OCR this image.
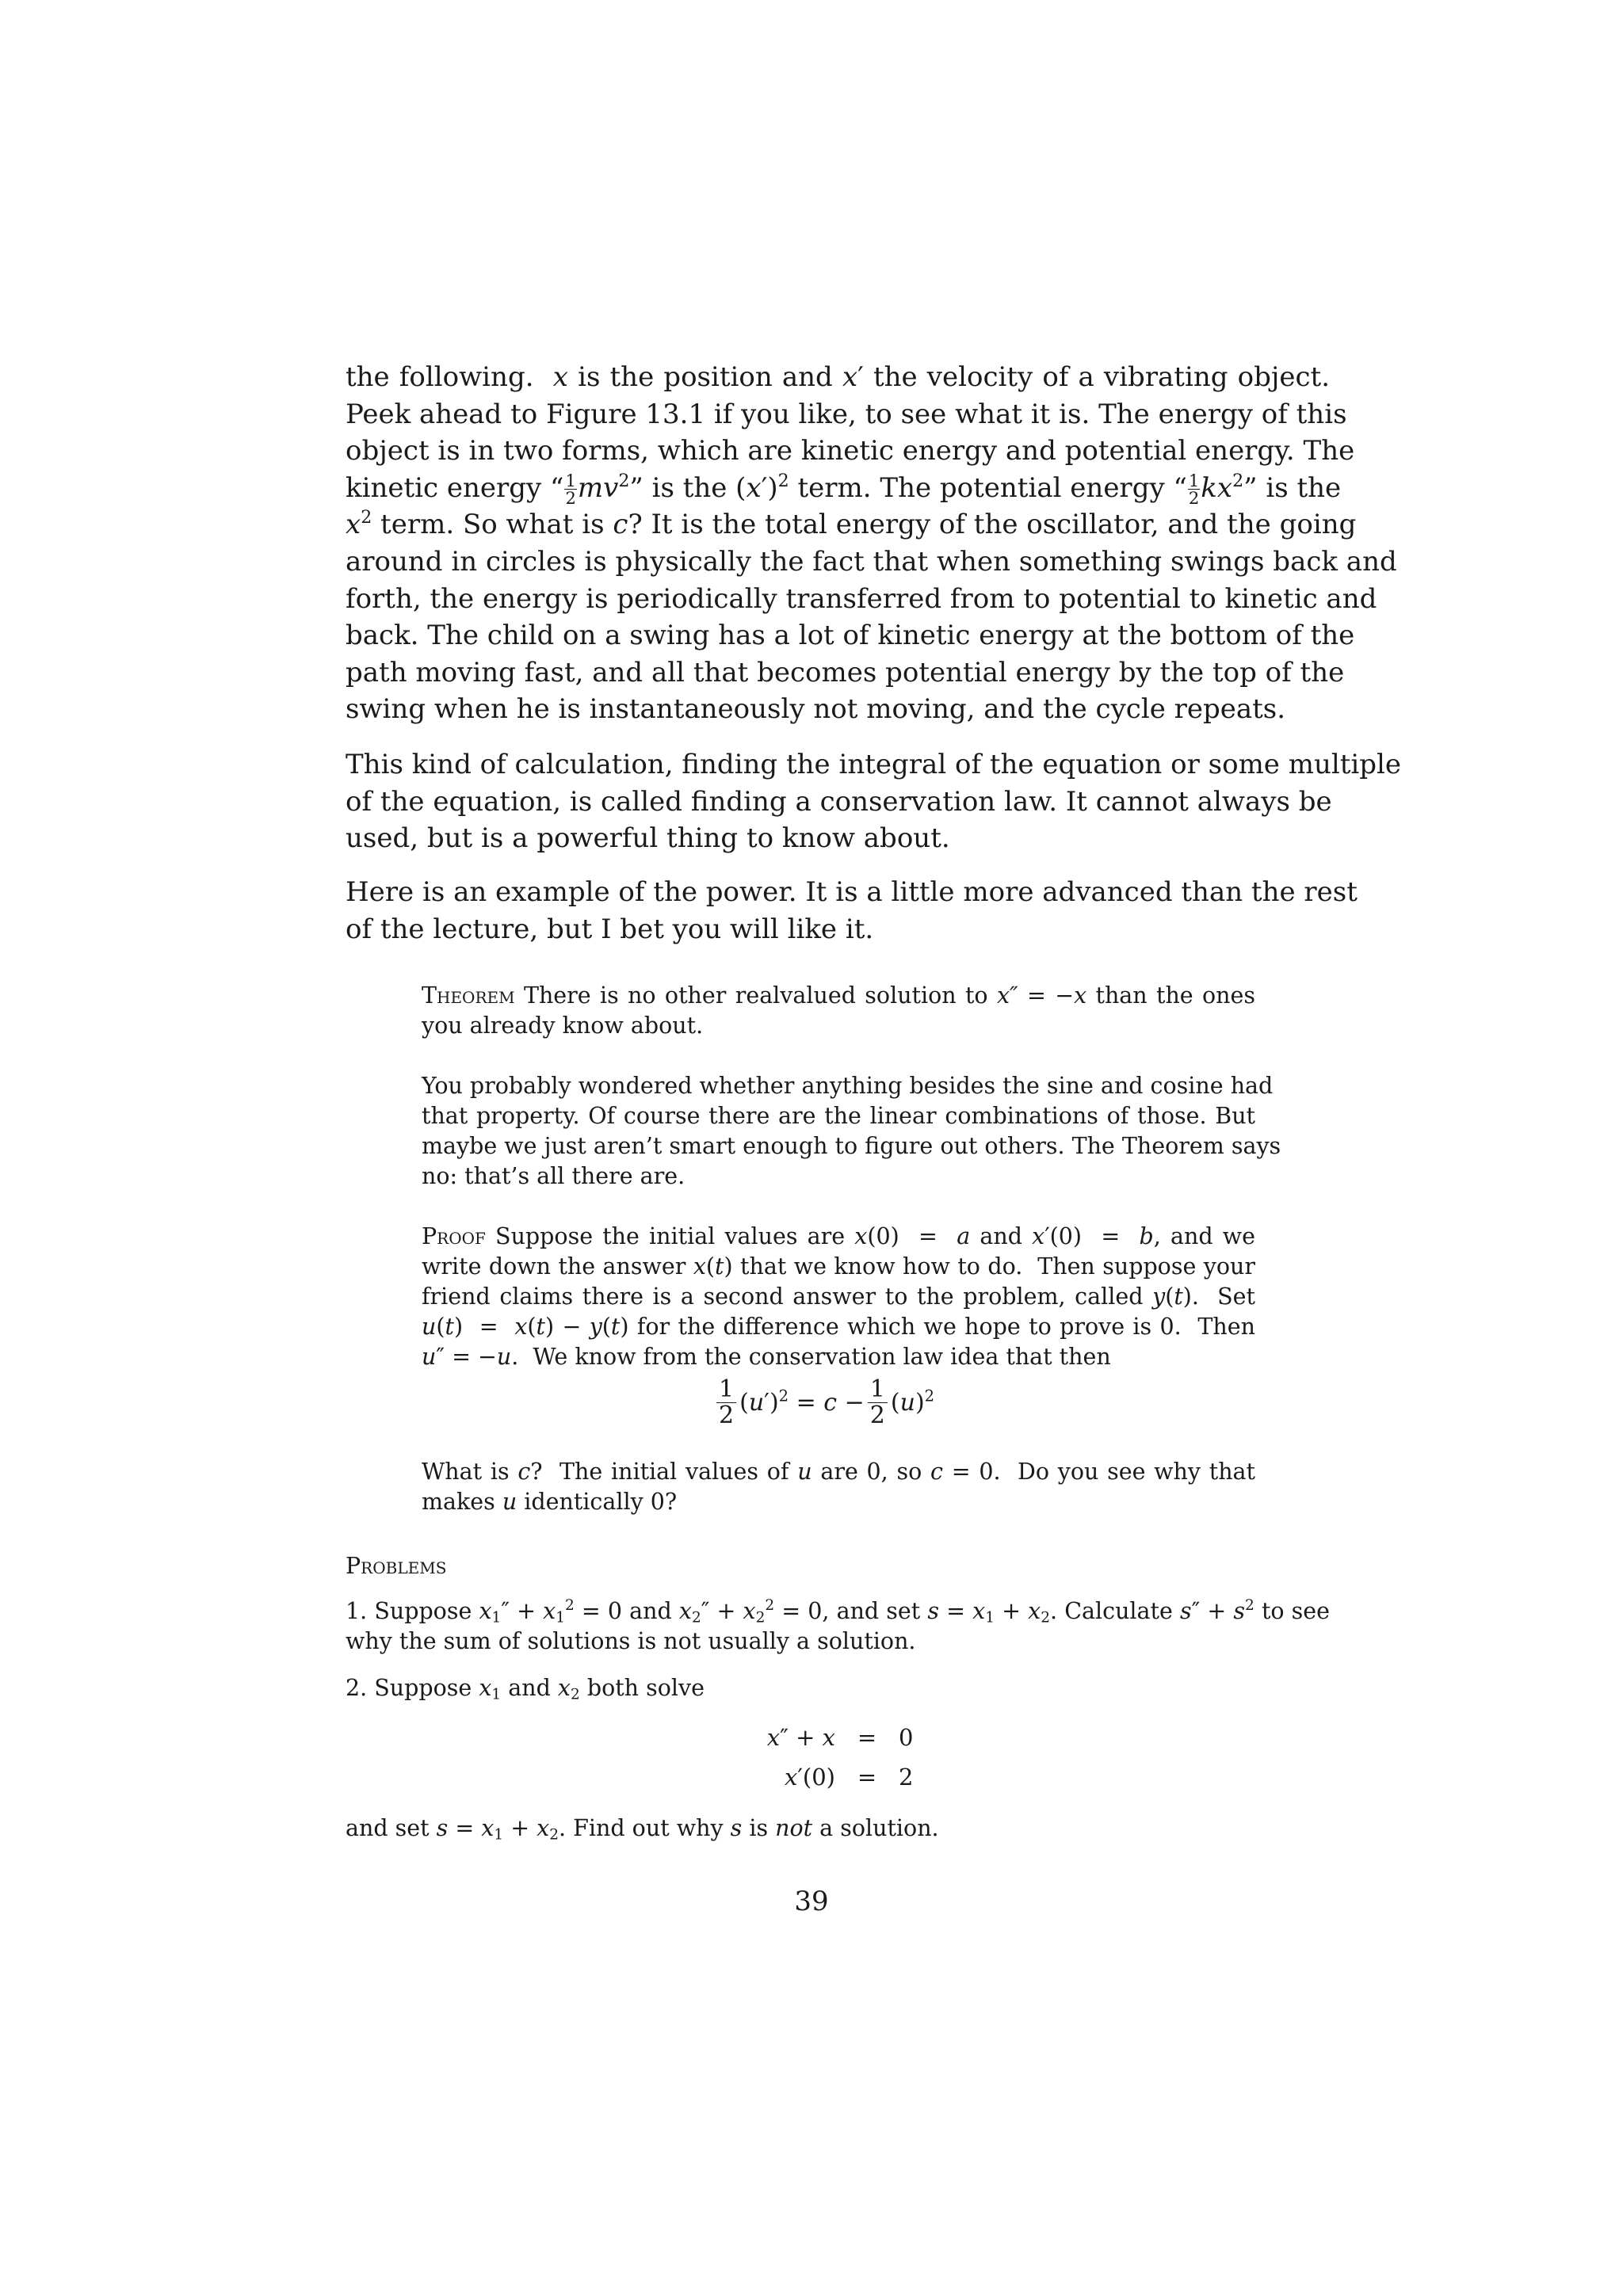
the following.  x is the position and x′ the velocity of a vibrating object.
Peek ahead to Figure 13.1 if you like, to see what it is. The energy of this
object is in two forms, which are kinetic energy and potential energy. The
kinetic energy “ $\frac{1}{2} mv^2$” is the $(x')^2$ term. The potential energy “ $\frac{1}{2} kx^2$” is the
$x^2$ term. So what is c? It is the total energy of the oscillator, and the going
around in circles is physically the fact that when something swings back and
forth, the energy is periodically transferred from to potential to kinetic and
back. The child on a swing has a lot of kinetic energy at the bottom of the
path moving fast, and all that becomes potential energy by the top of the
swing when he is instantaneously not moving, and the cycle repeats.
This kind of calculation, finding the integral of the equation or some multiple
of the equation, is called finding a conservation law. It cannot always be
used, but is a powerful thing to know about.
Here is an example of the power. It is a little more advanced than the rest
of the lecture, but I bet you will like it.
Theorem There is no other realvalued solution to x″ = −x than the ones
you already know about.
You probably wondered whether anything besides the sine and cosine had
that property. Of course there are the linear combinations of those. But
maybe we just aren’t smart enough to figure out others. The Theorem says
no: that’s all there are.
Proof Suppose the initial values are x(0)  =  a and x′(0)  =  b, and we
write down the answer x(t) that we know how to do.  Then suppose your
friend claims there is a second answer to the problem, called y(t).  Set
u(t)  =  x(t) − y(t) for the difference which we hope to prove is 0.  Then
u″ = −u.  We know from the conservation law idea that then
$\frac{1}{2} (u')^2 = c - \frac{1}{2} (u)^2$
What is c?  The initial values of u are 0, so c = 0.  Do you see why that
makes u identically 0?
Problems
1. Suppose $x_1'' + x_1^2 = 0$ and $x_2'' + x_2^2 = 0$, and set $s = x_1 + x_2$. Calculate $s'' + s^2$ to see
why the sum of solutions is not usually a solution.
2. Suppose $x_1$ and $x_2$ both solve
x″ + x = 0
x′(0) = 2
and set $s = x_1 + x_2$. Find out why s is not a solution.
39
